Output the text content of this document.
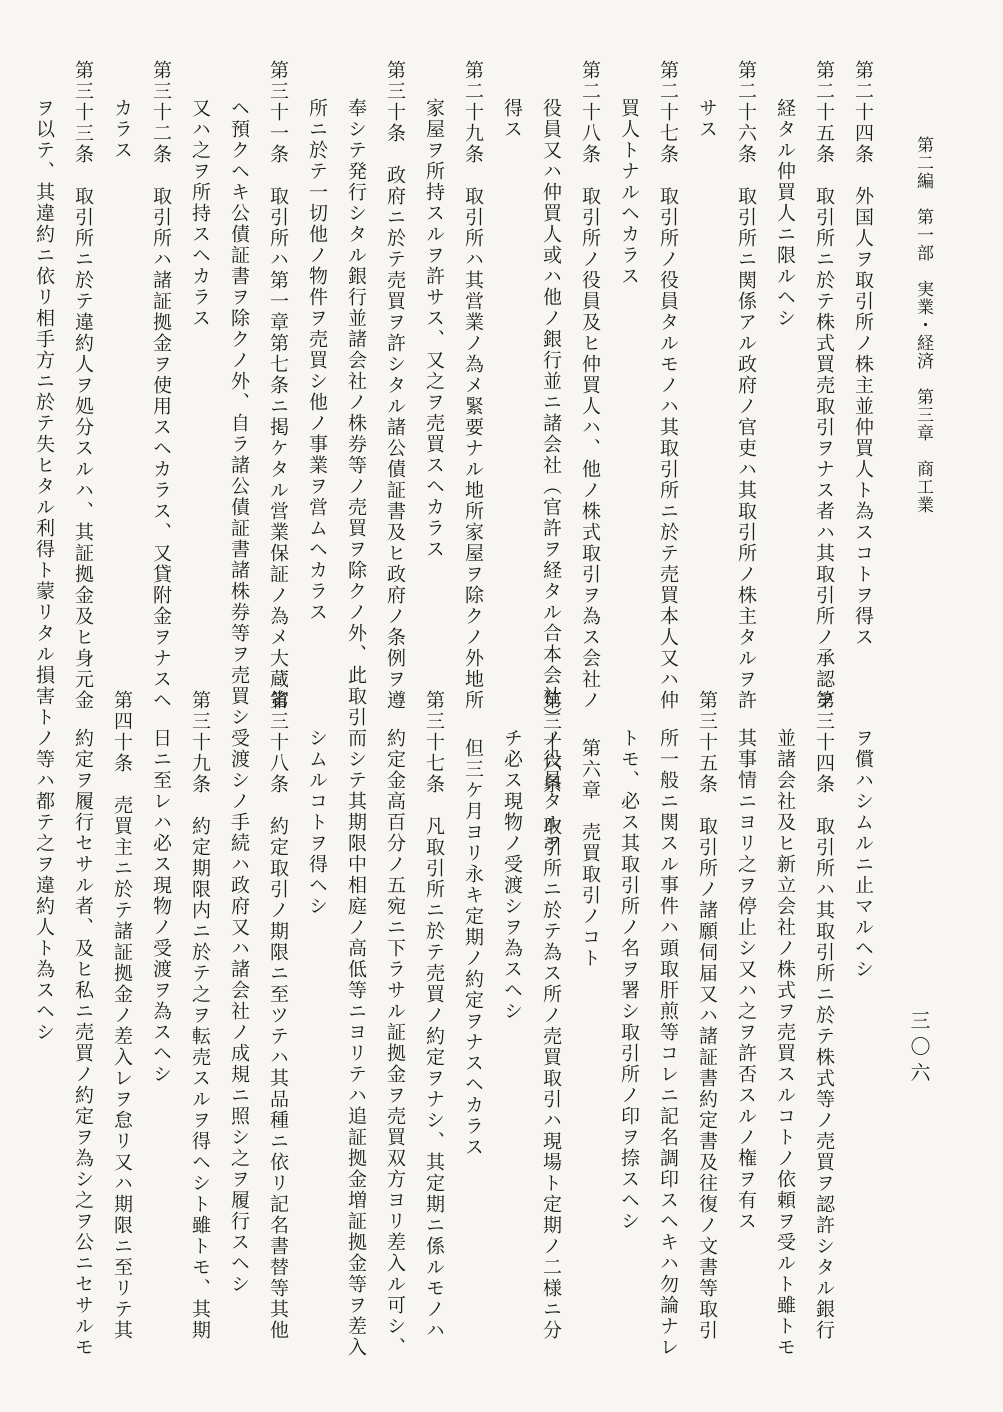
第二編　第一部　実業・経済　第三章　商工業
三〇六
第二十四条　外国人ヲ取引所ノ株主並仲買人ト為スコトヲ得ス
第二十五条　取引所ニ於テ株式買売取引ヲナス者ハ其取引所ノ承認ヲ
経タル仲買人ニ限ルヘシ
第二十六条　取引所ニ関係アル政府ノ官吏ハ其取引所ノ株主タルヲ許
サス
第二十七条　取引所ノ役員タルモノハ其取引所ニ於テ売買本人又ハ仲
買人トナルヘカラス
第二十八条　取引所ノ役員及ヒ仲買人ハ、他ノ株式取引ヲ為ス会社ノ
役員又ハ仲買人或ハ他ノ銀行並ニ諸会社（官許ヲ経タル合本会社）ノ役員タルヲ
得ス
第二十九条　取引所ハ其営業ノ為メ緊要ナル地所家屋ヲ除クノ外地所
家屋ヲ所持スルヲ許サス、又之ヲ売買スヘカラス
第三十条　政府ニ於テ売買ヲ許シタル諸公債証書及ヒ政府ノ条例ヲ遵
奉シテ発行シタル銀行並諸会社ノ株券等ノ売買ヲ除クノ外、此取引
所ニ於テ一切他ノ物件ヲ売買シ他ノ事業ヲ営ムヘカラス
第三十一条　取引所ハ第一章第七条ニ掲ケタル営業保証ノ為メ大蔵省
ヘ預クヘキ公債証書ヲ除クノ外、自ラ諸公債証書諸株券等ヲ売買シ
又ハ之ヲ所持スヘカラス
第三十二条　取引所ハ諸証拠金ヲ使用スヘカラス、又貸附金ヲナスヘ
カラス
第三十三条　取引所ニ於テ違約人ヲ処分スルハ、其証拠金及ヒ身元金
ヲ以テ、其違約ニ依リ相手方ニ於テ失ヒタル利得ト蒙リタル損害ト
ヲ償ハシムルニ止マルヘシ
第三十四条　取引所ハ其取引所ニ於テ株式等ノ売買ヲ認許シタル銀行
並諸会社及ヒ新立会社ノ株式ヲ売買スルコトノ依頼ヲ受ルト雖トモ
其事情ニヨリ之ヲ停止シ又ハ之ヲ許否スルノ権ヲ有ス
第三十五条　取引所ノ諸願伺届又ハ諸証書約定書及往復ノ文書等取引
所一般ニ関スル事件ハ頭取肝煎等コレニ記名調印スヘキハ勿論ナレ
トモ、必ス其取引所ノ名ヲ署シ取引所ノ印ヲ捺スヘシ
第六章　売買取引ノコト
第三十六条　取引所ニ於テ為ス所ノ売買取引ハ現場ト定期ノ二様ニ分
チ必ス現物ノ受渡シヲ為スヘシ
但三ケ月ヨリ永キ定期ノ約定ヲナスヘカラス
第三十七条　凡取引所ニ於テ売買ノ約定ヲナシ、其定期ニ係ルモノハ
約定金高百分ノ五宛ニ下ラサル証拠金ヲ売買双方ヨリ差入ル可シ、
而シテ其期限中相庭ノ高低等ニヨリテハ追証拠金増証拠金等ヲ差入
シムルコトヲ得ヘシ
第三十八条　約定取引ノ期限ニ至ツテハ其品種ニ依リ記名書替等其他
受渡シノ手続ハ政府又ハ諸会社ノ成規ニ照シ之ヲ履行スヘシ
第三十九条　約定期限内ニ於テ之ヲ転売スルヲ得ヘシト雖トモ、其期
日ニ至レハ必ス現物ノ受渡ヲ為スヘシ
第四十条　売買主ニ於テ諸証拠金ノ差入レヲ怠リ又ハ期限ニ至リテ其
約定ヲ履行セサル者、及ヒ私ニ売買ノ約定ヲ為シ之ヲ公ニセサルモ
ノ等ハ都テ之ヲ違約人ト為スヘシ
